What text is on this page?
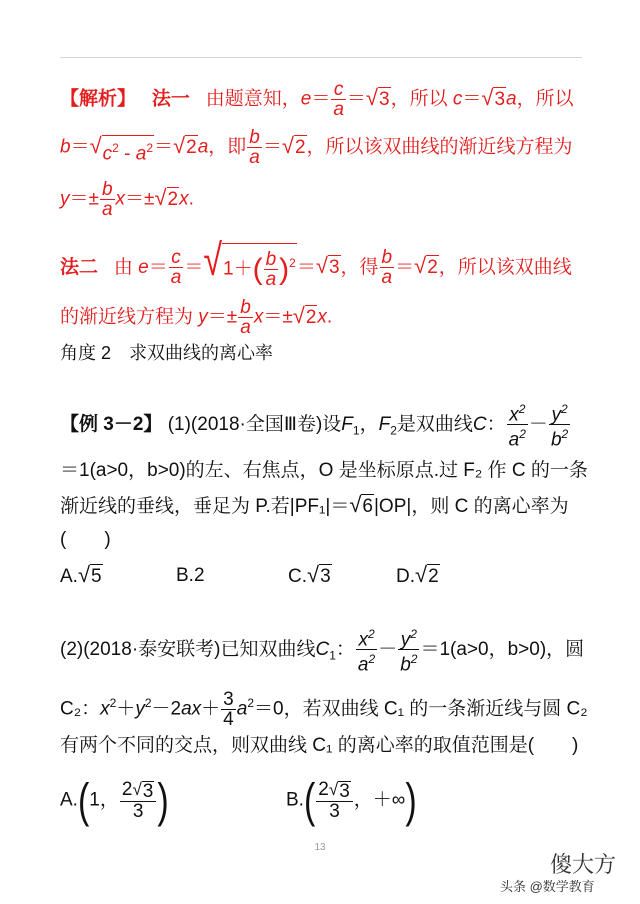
【解析】 法一 由题意知，$e= \frac{c}{a}$ ＝ √ 3 ，所以 c＝ √ 3 a，所以
b＝ √ $c^2 - a^2$ ＝ √ 2 a，即 $\frac{b}{a}$ ＝ √ 2 ，所以该双曲线的渐近线方程为
$y=\pm \frac{b}{a} x=\pm$ √ 2 x.
法二 由 $e= \frac{c}{a}$ ＝ √ $1+( \frac{b}{a} )^2$ ＝ √ 3 ，得 $\frac{b}{a}$ ＝ √ 2 ，所以该双曲线
的渐近线方程为 $y=\pm \frac{b}{a} x=\pm$ √ 2 x.
角度 2　求双曲线的离心率
【例 3－2】 (1)(2018·全国Ⅲ卷)设$F_1$，$F_2$是双曲线C： $\frac{x^2}{a^2} - \frac{y^2}{b^2}$
＝1(a>0，b>0)的左、右焦点，O 是坐标原点.过 F₂ 作 C 的一条
渐近线的垂线，垂足为 P.若|PF₁|＝ √ 6 |OP|，则 C 的离心率为
(　　)
A. √ 5	B.2	C. √ 3	D. √ 2
(2)(2018·泰安联考)已知双曲线$C_1$： $\frac{x^2}{a^2} - \frac{y^2}{b^2} =1(a>0$，b>0)，圆
C₂：$x^2+y^2-2ax+ \frac{3}{4} a^2=0$，若双曲线 C₁ 的一条渐近线与圆 C₂
有两个不同的交点，则双曲线 C₁ 的离心率的取值范围是(　　)
A.(1， $\frac{2 √ 3}{3}$ )	$B.( \frac{2 √ 3}{3}$ ，＋∞)
13
傻大方
头条 @数学教育
